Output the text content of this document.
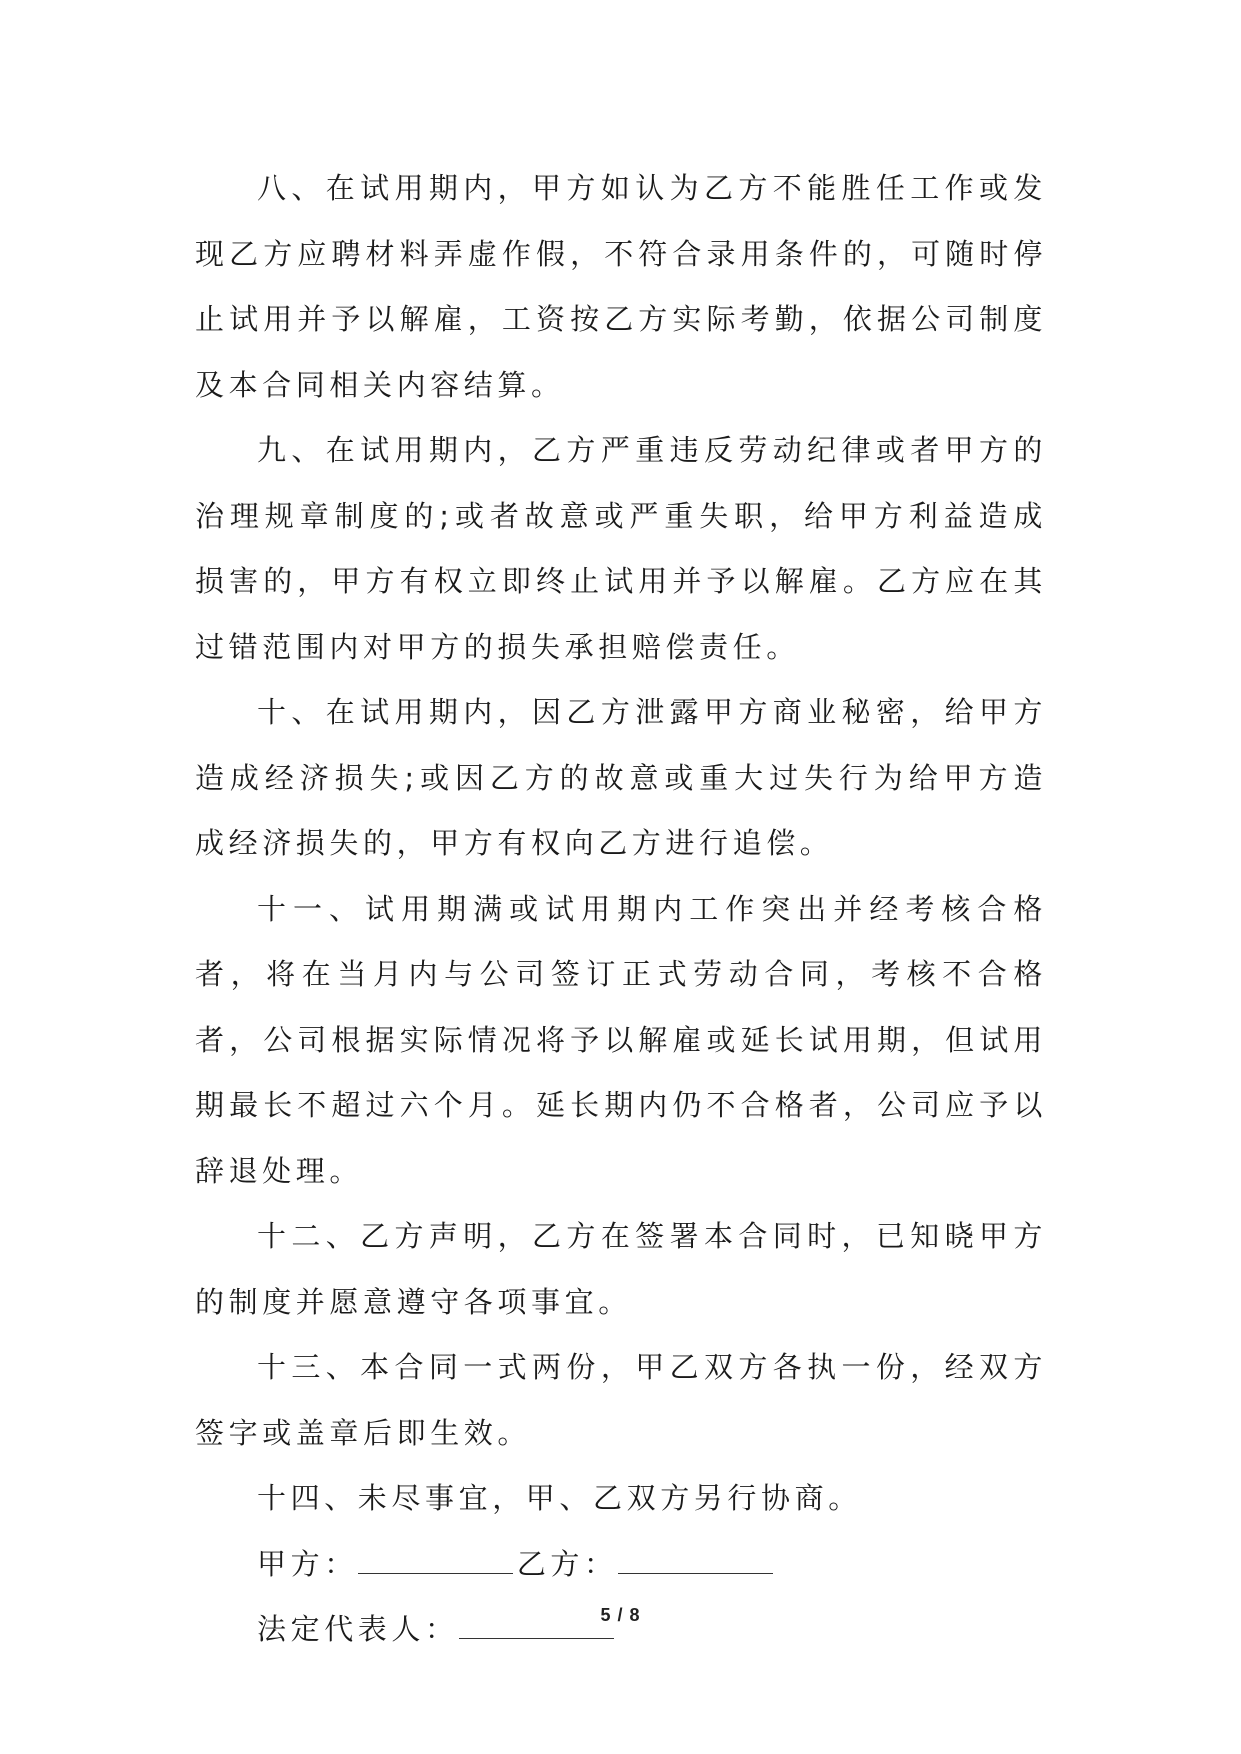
八、在试用期内，甲方如认为乙方不能胜任工作或发现乙方应聘材料弄虚作假，不符合录用条件的，可随时停止试用并予以解雇，工资按乙方实际考勤，依据公司制度及本合同相关内容结算。

九、在试用期内，乙方严重违反劳动纪律或者甲方的治理规章制度的;或者故意或严重失职，给甲方利益造成损害的，甲方有权立即终止试用并予以解雇。乙方应在其过错范围内对甲方的损失承担赔偿责任。

十、在试用期内，因乙方泄露甲方商业秘密，给甲方造成经济损失;或因乙方的故意或重大过失行为给甲方造成经济损失的，甲方有权向乙方进行追偿。

十一、试用期满或试用期内工作突出并经考核合格者，将在当月内与公司签订正式劳动合同，考核不合格者，公司根据实际情况将予以解雇或延长试用期，但试用期最长不超过六个月。延长期内仍不合格者，公司应予以辞退处理。

十二、乙方声明，乙方在签署本合同时，已知晓甲方的制度并愿意遵守各项事宜。

十三、本合同一式两份，甲乙双方各执一份，经双方签字或盖章后即生效。

十四、未尽事宜，甲、乙双方另行协商。

甲方：	乙方：

法定代表人：	5 / 8
